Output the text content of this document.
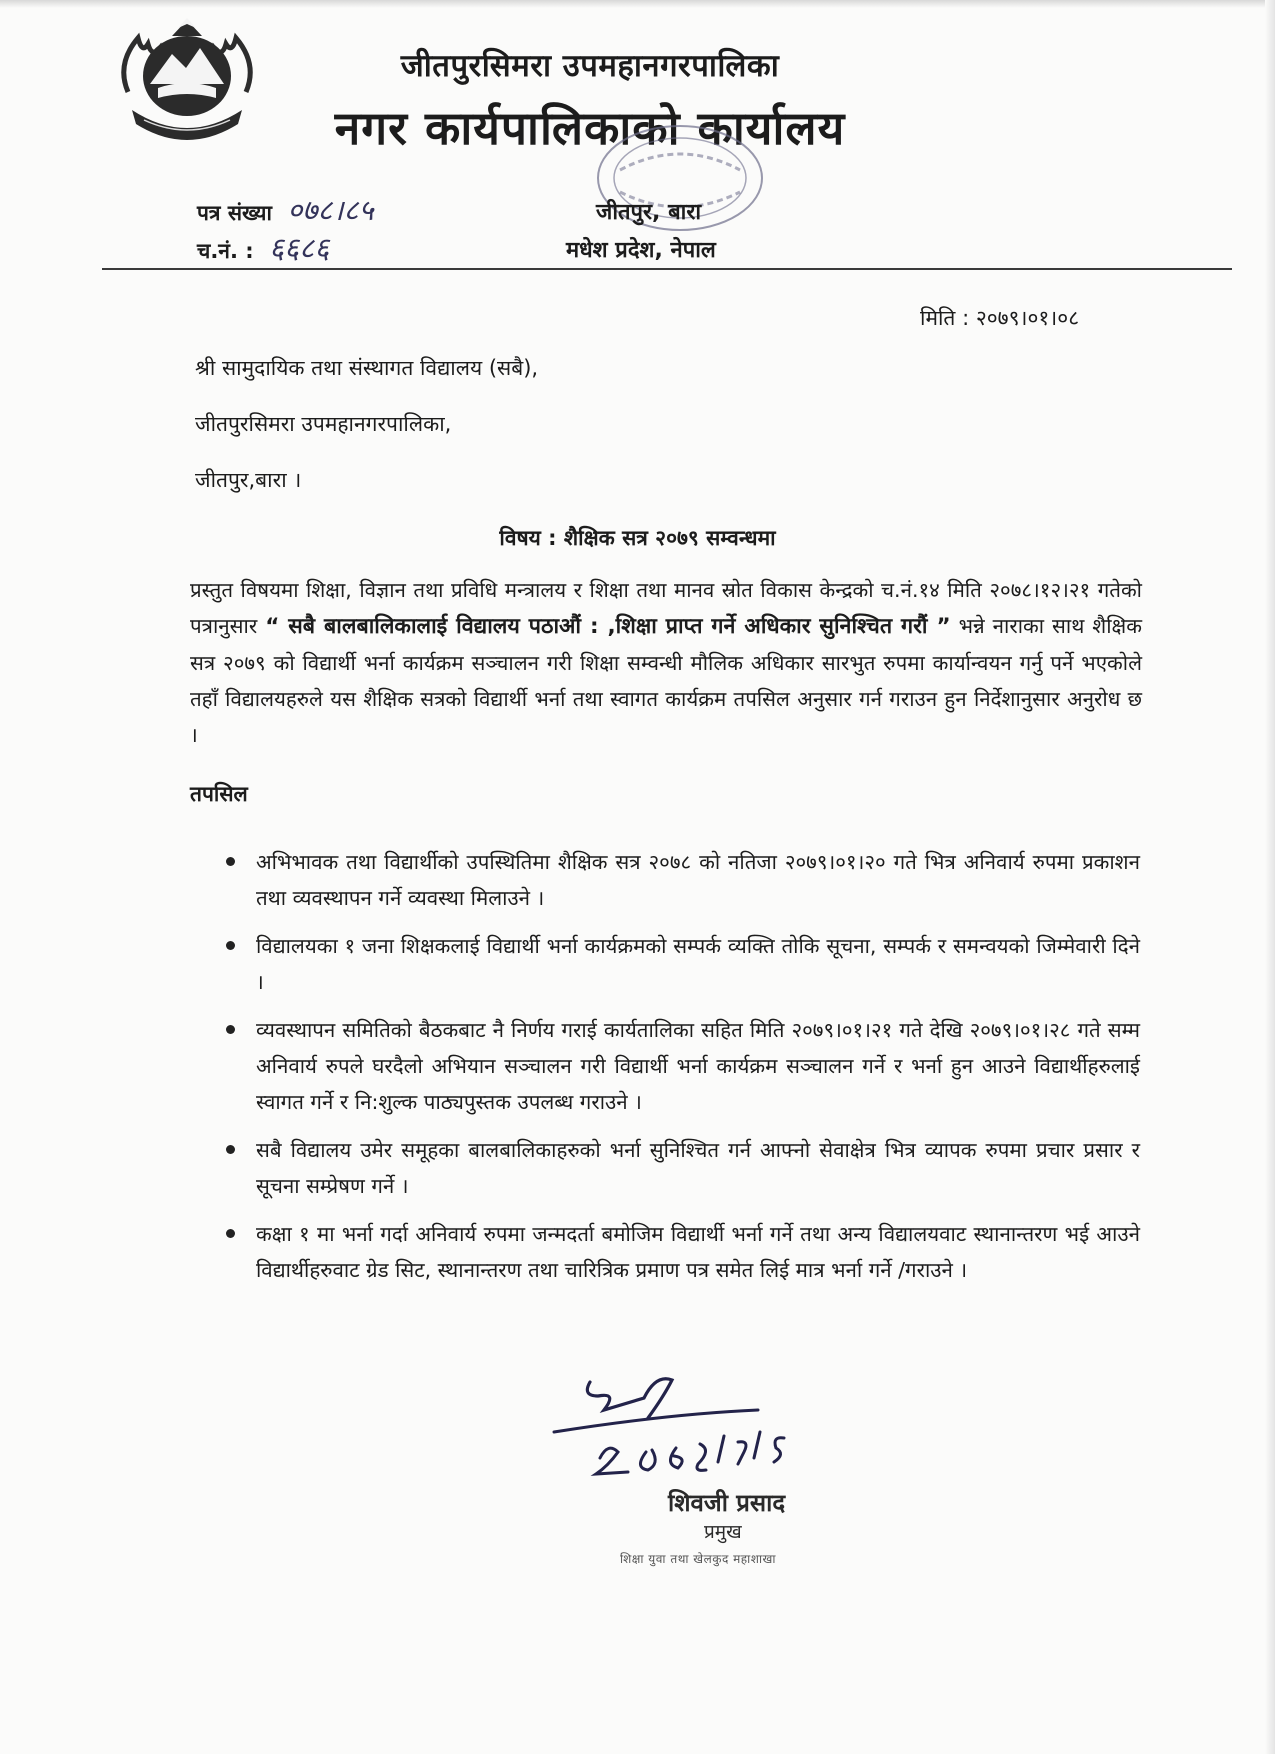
जीतपुरसिमरा उपमहानगरपालिका
नगर कार्यपालिकाको कार्यालय
पत्र संख्या ०७८।८५
च.नं. : ६६८६
जीतपुर, बारा
मधेश प्रदेश, नेपाल
मिति : २०७९।०१।०८
श्री सामुदायिक तथा संस्थागत विद्यालय (सबै),
जीतपुरसिमरा उपमहानगरपालिका,
जीतपुर,बारा ।
विषय : शैक्षिक सत्र २०७९ सम्वन्धमा
प्रस्तुत विषयमा शिक्षा, विज्ञान तथा प्रविधि मन्त्रालय र शिक्षा तथा मानव स्रोत विकास केन्द्रको च.नं.१४ मिति २०७८।१२।२१ गतेको पत्रानुसार “ सबै बालबालिकालाई विद्यालय पठाऔं : ,शिक्षा प्राप्त गर्ने अधिकार सुनिश्चित गरौं ” भन्ने नाराका साथ शैक्षिक सत्र २०७९ को विद्यार्थी भर्ना कार्यक्रम सञ्चालन गरी शिक्षा सम्वन्धी मौलिक अधिकार सारभुत रुपमा कार्यान्वयन गर्नु पर्ने भएकोले तहाँ विद्यालयहरुले यस शैक्षिक सत्रको विद्यार्थी भर्ना तथा स्वागत कार्यक्रम तपसिल अनुसार गर्न गराउन हुन निर्देशानुसार अनुरोध छ ।
तपसिल
अभिभावक तथा विद्यार्थीको उपस्थितिमा शैक्षिक सत्र २०७८ को नतिजा २०७९।०१।२० गते भित्र अनिवार्य रुपमा प्रकाशन तथा व्यवस्थापन गर्ने व्यवस्था मिलाउने ।
विद्यालयका १ जना शिक्षकलाई विद्यार्थी भर्ना कार्यक्रमको सम्पर्क व्यक्ति तोकि सूचना, सम्पर्क र समन्वयको जिम्मेवारी दिने ।
व्यवस्थापन समितिको बैठकबाट नै निर्णय गराई कार्यतालिका सहित मिति २०७९।०१।२१ गते देखि २०७९।०१।२८ गते सम्म अनिवार्य रुपले घरदैलो अभियान सञ्चालन गरी विद्यार्थी भर्ना कार्यक्रम सञ्चालन गर्ने र भर्ना हुन आउने विद्यार्थीहरुलाई स्वागत गर्ने र नि:शुल्क पाठ्यपुस्तक उपलब्ध गराउने ।
सबै विद्यालय उमेर समूहका बालबालिकाहरुको भर्ना सुनिश्चित गर्न आफ्नो सेवाक्षेत्र भित्र व्यापक रुपमा प्रचार प्रसार र सूचना सम्प्रेषण गर्ने ।
कक्षा १ मा भर्ना गर्दा अनिवार्य रुपमा जन्मदर्ता बमोजिम विद्यार्थी भर्ना गर्ने तथा अन्य विद्यालयवाट स्थानान्तरण भई आउने विद्यार्थीहरुवाट ग्रेड सिट, स्थानान्तरण तथा चारित्रिक प्रमाण पत्र समेत लिई मात्र भर्ना गर्ने /गराउने ।
शिवजी प्रसाद
प्रमुख
शिक्षा युवा तथा खेलकुद महाशाखा
